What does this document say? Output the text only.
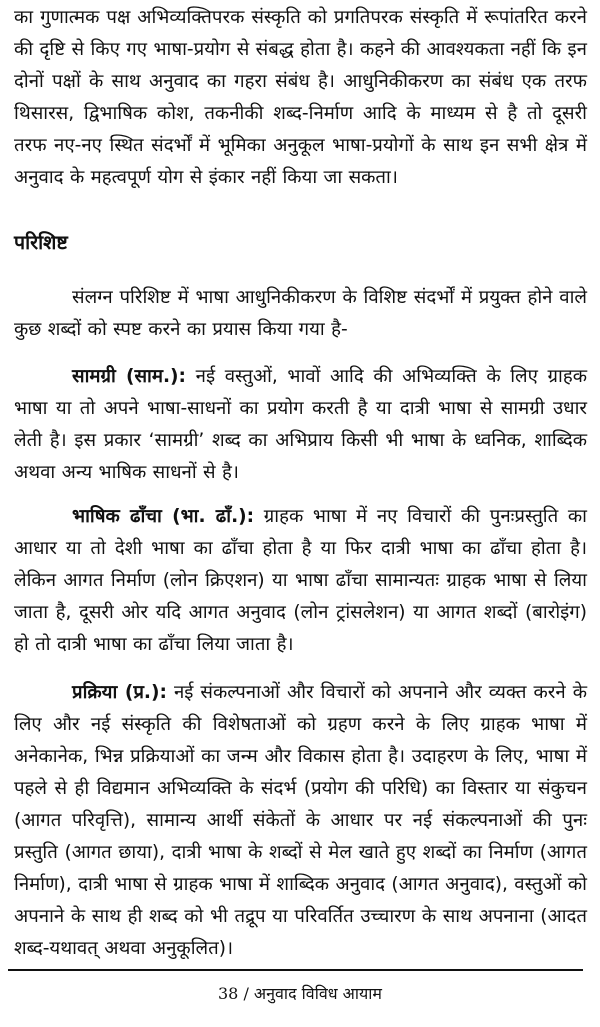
का गुणात्मक पक्ष अभिव्यक्तिपरक संस्कृति को प्रगतिपरक संस्कृति में रूपांतरित करने की दृष्टि से किए गए भाषा-प्रयोग से संबद्ध होता है। कहने की आवश्यकता नहीं कि इन दोनों पक्षों के साथ अनुवाद का गहरा संबंध है। आधुनिकीकरण का संबंध एक तरफ थिसारस, द्विभाषिक कोश, तकनीकी शब्द-निर्माण आदि के माध्यम से है तो दूसरी तरफ नए-नए स्थित संदर्भों में भूमिका अनुकूल भाषा-प्रयोगों के साथ इन सभी क्षेत्र में अनुवाद के महत्वपूर्ण योग से इंकार नहीं किया जा सकता।

परिशिष्ट

संलग्न परिशिष्ट में भाषा आधुनिकीकरण के विशिष्ट संदर्भों में प्रयुक्त होने वाले कुछ शब्दों को स्पष्ट करने का प्रयास किया गया है-

सामग्री (साम.): नई वस्तुओं, भावों आदि की अभिव्यक्ति के लिए ग्राहक भाषा या तो अपने भाषा-साधनों का प्रयोग करती है या दात्री भाषा से सामग्री उधार लेती है। इस प्रकार ‘सामग्री’ शब्द का अभिप्राय किसी भी भाषा के ध्वनिक, शाब्दिक अथवा अन्य भाषिक साधनों से है।

भाषिक ढाँचा (भा. ढाँ.): ग्राहक भाषा में नए विचारों की पुनःप्रस्तुति का आधार या तो देशी भाषा का ढाँचा होता है या फिर दात्री भाषा का ढाँचा होता है। लेकिन आगत निर्माण (लोन क्रिएशन) या भाषा ढाँचा सामान्यतः ग्राहक भाषा से लिया जाता है, दूसरी ओर यदि आगत अनुवाद (लोन ट्रांसलेशन) या आगत शब्दों (बारोइंग) हो तो दात्री भाषा का ढाँचा लिया जाता है।

प्रक्रिया (प्र.): नई संकल्पनाओं और विचारों को अपनाने और व्यक्त करने के लिए और नई संस्कृति की विशेषताओं को ग्रहण करने के लिए ग्राहक भाषा में अनेकानेक, भिन्न प्रक्रियाओं का जन्म और विकास होता है। उदाहरण के लिए, भाषा में पहले से ही विद्यमान अभिव्यक्ति के संदर्भ (प्रयोग की परिधि) का विस्तार या संकुचन (आगत परिवृत्ति), सामान्य आर्थी संकेतों के आधार पर नई संकल्पनाओं की पुनः प्रस्तुति (आगत छाया), दात्री भाषा के शब्दों से मेल खाते हुए शब्दों का निर्माण (आगत निर्माण), दात्री भाषा से ग्राहक भाषा में शाब्दिक अनुवाद (आगत अनुवाद), वस्तुओं को अपनाने के साथ ही शब्द को भी तद्रूप या परिवर्तित उच्चारण के साथ अपनाना (आदत शब्द-यथावत् अथवा अनुकूलित)।

38 / अनुवाद विविध आयाम
